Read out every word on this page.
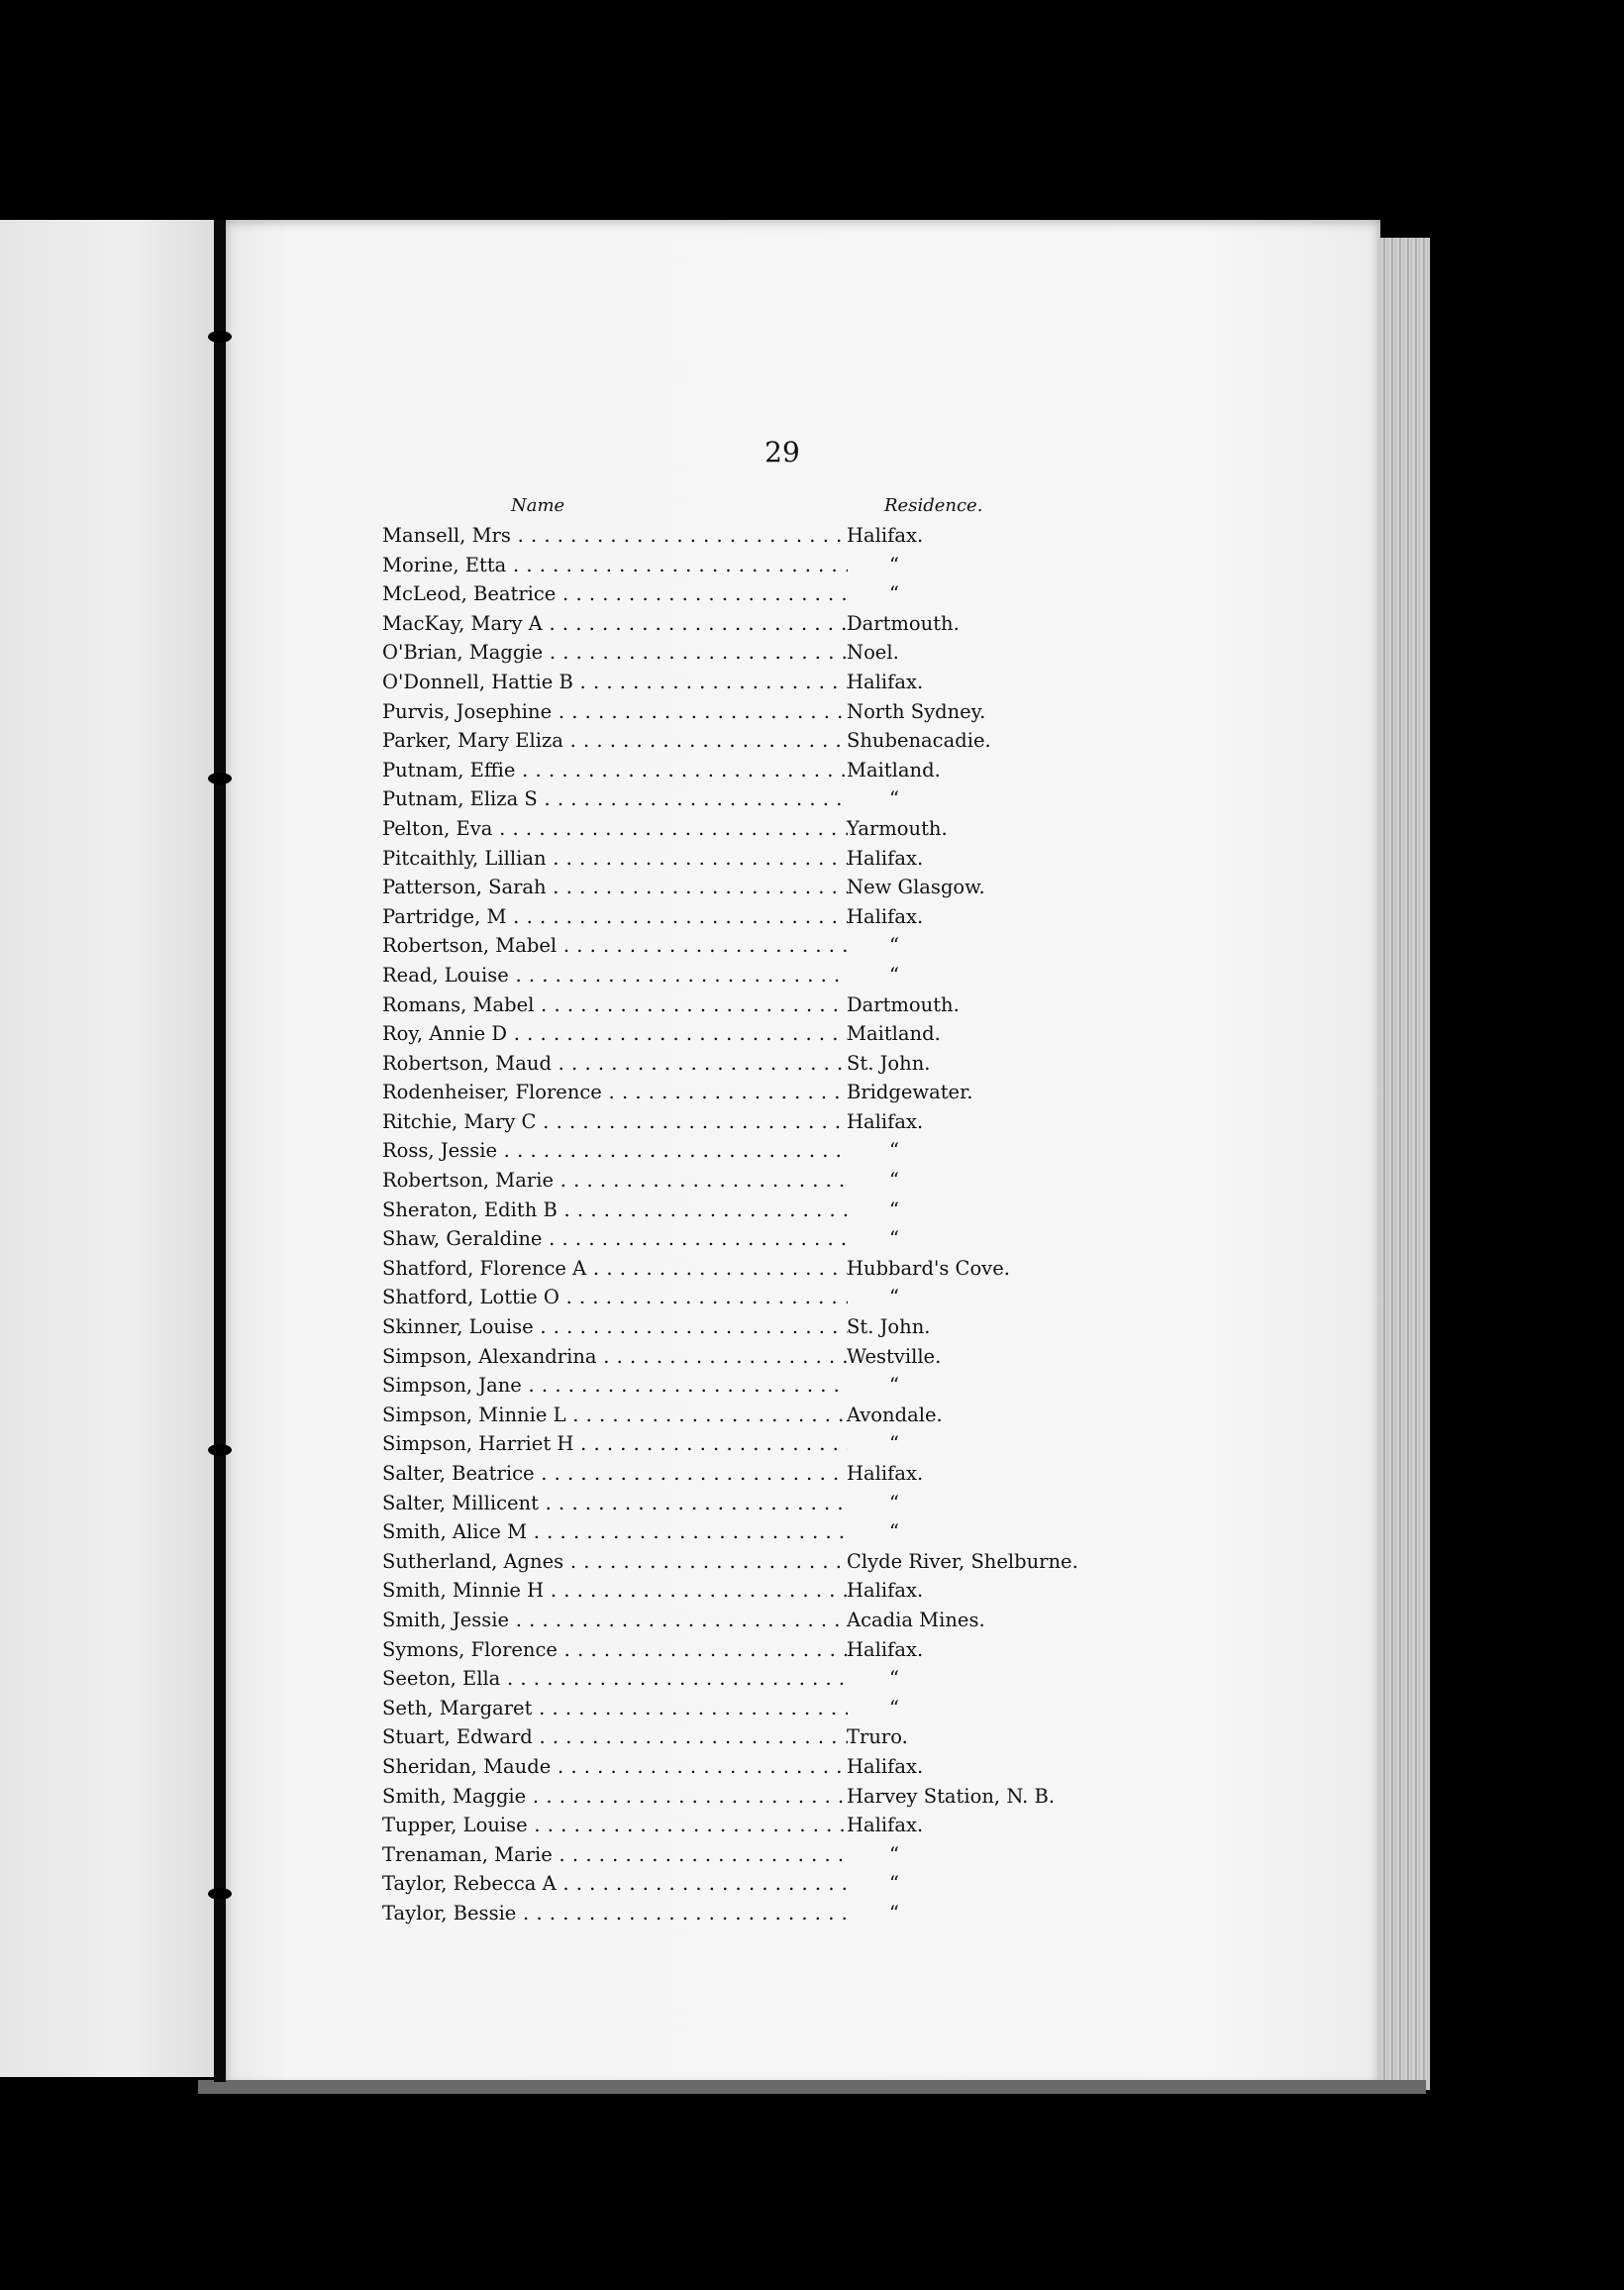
29
Name	Residence.
Mansell, Mrs . . .	Halifax.
Morine, Etta . . .	“
McLeod, Beatrice . . .	“
MacKay, Mary A . . .	Dartmouth.
O'Brian, Maggie . . .	Noel.
O'Donnell, Hattie B . . .	Halifax.
Purvis, Josephine . . .	North Sydney.
Parker, Mary Eliza . . .	Shubenacadie.
Putnam, Effie . . .	Maitland.
Putnam, Eliza S . . .	“
Pelton, Eva . . .	Yarmouth.
Pitcaithly, Lillian . . .	Halifax.
Patterson, Sarah . . .	New Glasgow.
Partridge, M . . .	Halifax.
Robertson, Mabel . . .	“
Read, Louise . . .	“
Romans, Mabel . . .	Dartmouth.
Roy, Annie D . . .	Maitland.
Robertson, Maud . . .	St. John.
Rodenheiser, Florence . . .	Bridgewater.
Ritchie, Mary C . . .	Halifax.
Ross, Jessie . . .	“
Robertson, Marie . . .	“
Sheraton, Edith B . . .	“
Shaw, Geraldine . . .	“
Shatford, Florence A . . .	Hubbard's Cove.
Shatford, Lottie O . . .	“
Skinner, Louise . . .	St. John.
Simpson, Alexandrina . . .	Westville.
Simpson, Jane . . .	“
Simpson, Minnie L . . .	Avondale.
Simpson, Harriet H . . .	“
Salter, Beatrice . . .	Halifax.
Salter, Millicent . . .	“
Smith, Alice M . . .	“
Sutherland, Agnes . . .	Clyde River, Shelburne.
Smith, Minnie H . . .	Halifax.
Smith, Jessie . . .	Acadia Mines.
Symons, Florence . . .	Halifax.
Seeton, Ella . . .	“
Seth, Margaret . . .	“
Stuart, Edward . . .	Truro.
Sheridan, Maude . . .	Halifax.
Smith, Maggie . . .	Harvey Station, N. B.
Tupper, Louise . . .	Halifax.
Trenaman, Marie . . .	“
Taylor, Rebecca A . . .	“
Taylor, Bessie . . .	“
